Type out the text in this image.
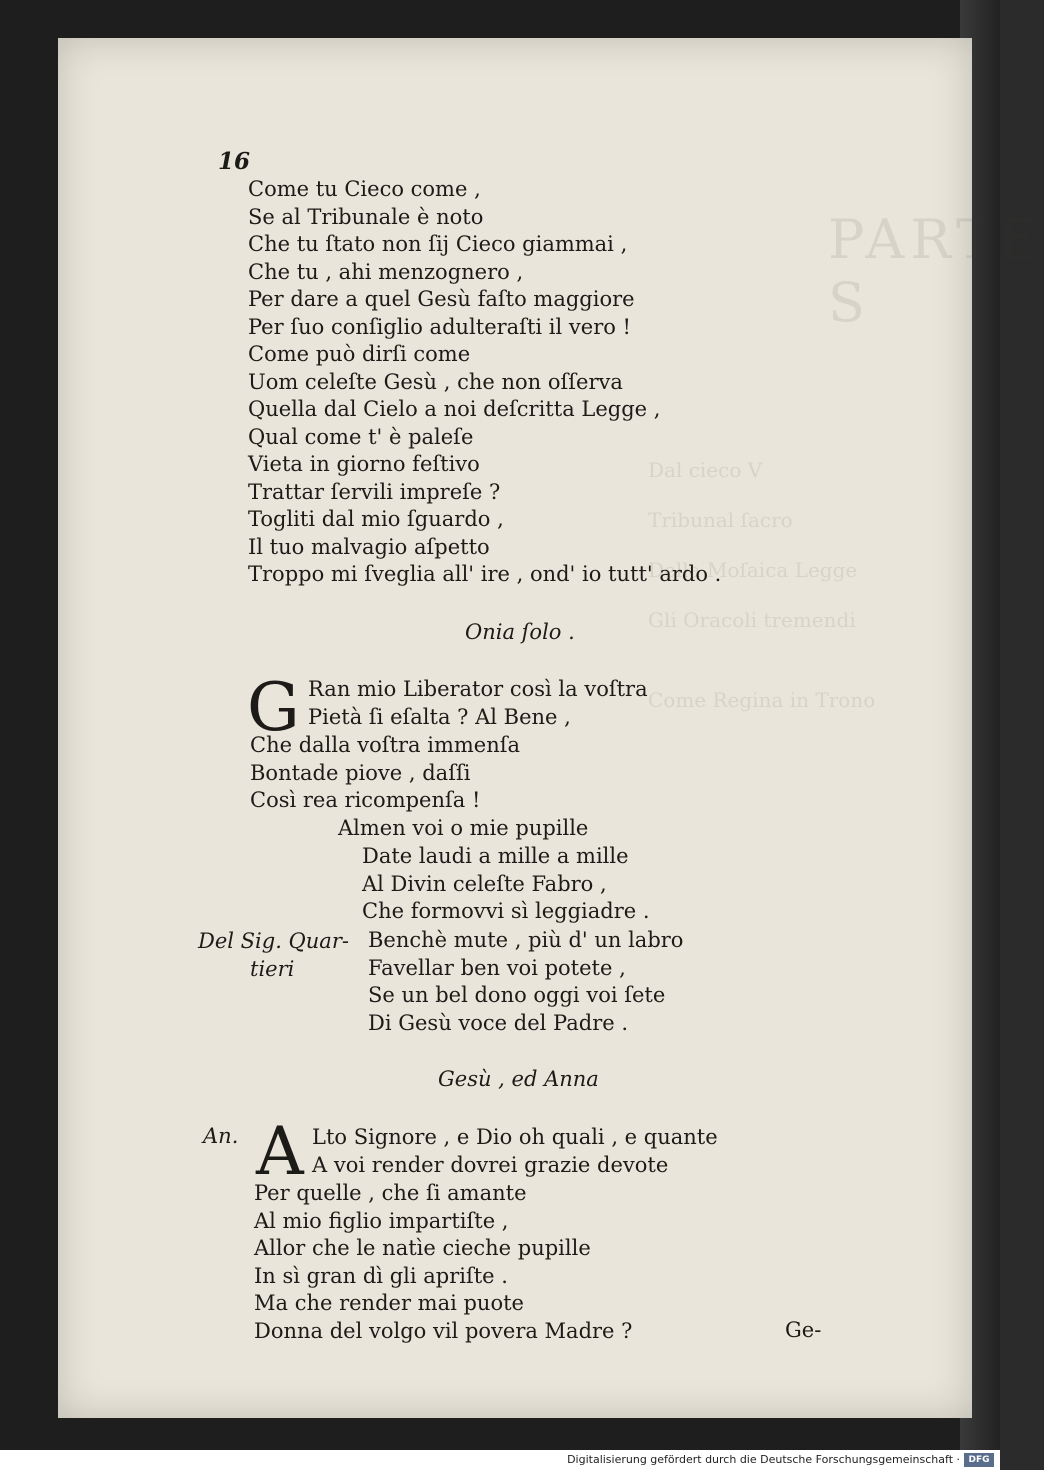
PARTE S
Dal cieco V
Tribunal ſacro
Della Moſaica Legge
Gli Oracoli tremendi
Come Regina in Trono
16
Come tu Cieco come ,
Se al Tribunale è noto
Che tu ſtato non ſij Cieco giammai ,
Che tu , ahi menzognero ,
Per dare a quel Gesù faſto maggiore
Per ſuo conſiglio adulteraſti il vero !
Come può dirſi come
Uom celeſte Gesù , che non oſſerva
Quella dal Cielo a noi deſcritta Legge ,
Qual come t' è paleſe
Vieta in giorno feſtivo
Trattar ſervili impreſe ?
Togliti dal mio ſguardo ,
Il tuo malvagio aſpetto
Troppo mi ſveglia all' ire , ond' io tutt' ardo .
Onia ſolo .
G Ran mio Liberator così la voſtra
Pietà ſi eſalta ? Al Bene ,
Che dalla voſtra immenſa
Bontade piove , daſſi
Così rea ricompenſa !
Almen voi o mie pupille
Date laudi a mille a mille
Al Divin celeſte Fabro ,
Che formovvi sì leggiadre .
Del Sig. Quar-
tieri
Benchè mute , più d' un labro
Favellar ben voi potete ,
Se un bel dono oggi voi ſete
Di Gesù voce del Padre .
Gesù , ed Anna
An. A Lto Signore , e Dio oh quali , e quante
A voi render dovrei grazie devote
Per quelle , che ſi amante
Al mio figlio impartiſte ,
Allor che le natìe cieche pupille
In sì gran dì gli apriſte .
Ma che render mai puote
Donna del volgo vil povera Madre ?	Ge-
Digitalisierung gefördert durch die Deutsche Forschungsgemeinschaft · DFG
